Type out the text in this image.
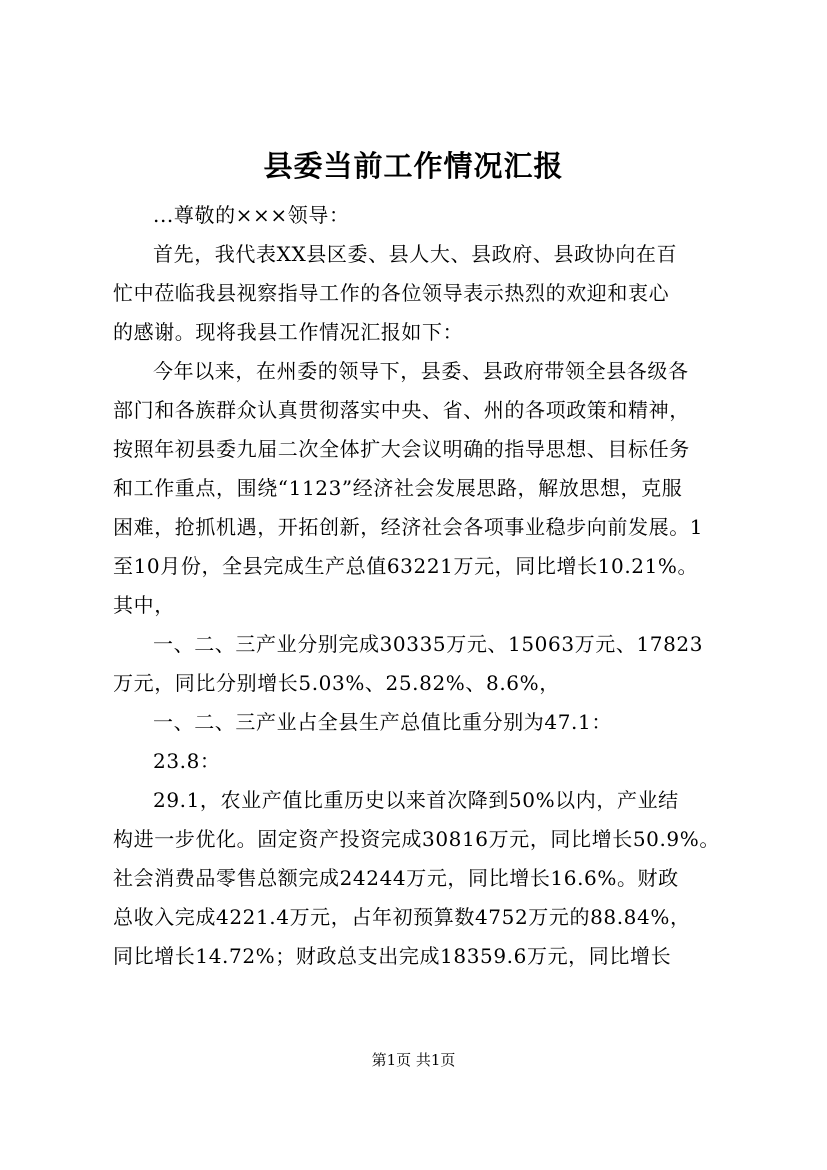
县委当前工作情况汇报
...尊敬的×××领导：
首先，我代表XX县区委、县人大、县政府、县政协向在百
忙中莅临我县视察指导工作的各位领导表示热烈的欢迎和衷心
的感谢。现将我县工作情况汇报如下：
今年以来，在州委的领导下，县委、县政府带领全县各级各
部门和各族群众认真贯彻落实中央、省、州的各项政策和精神，
按照年初县委九届二次全体扩大会议明确的指导思想、目标任务
和工作重点，围绕“1123”经济社会发展思路，解放思想，克服
困难，抢抓机遇，开拓创新，经济社会各项事业稳步向前发展。1
至10月份，全县完成生产总值63221万元，同比增长10.21%。
其中，
一、二、三产业分别完成30335万元、15063万元、17823
万元，同比分别增长5.03%、25.82%、8.6%，
一、二、三产业占全县生产总值比重分别为47.1：
23.8：
29.1，农业产值比重历史以来首次降到50%以内，产业结
构进一步优化。固定资产投资完成30816万元，同比增长50.9%。
社会消费品零售总额完成24244万元，同比增长16.6%。财政
总收入完成4221.4万元，占年初预算数4752万元的88.84%，
同比增长14.72%；财政总支出完成18359.6万元，同比增长
第1页 共1页
